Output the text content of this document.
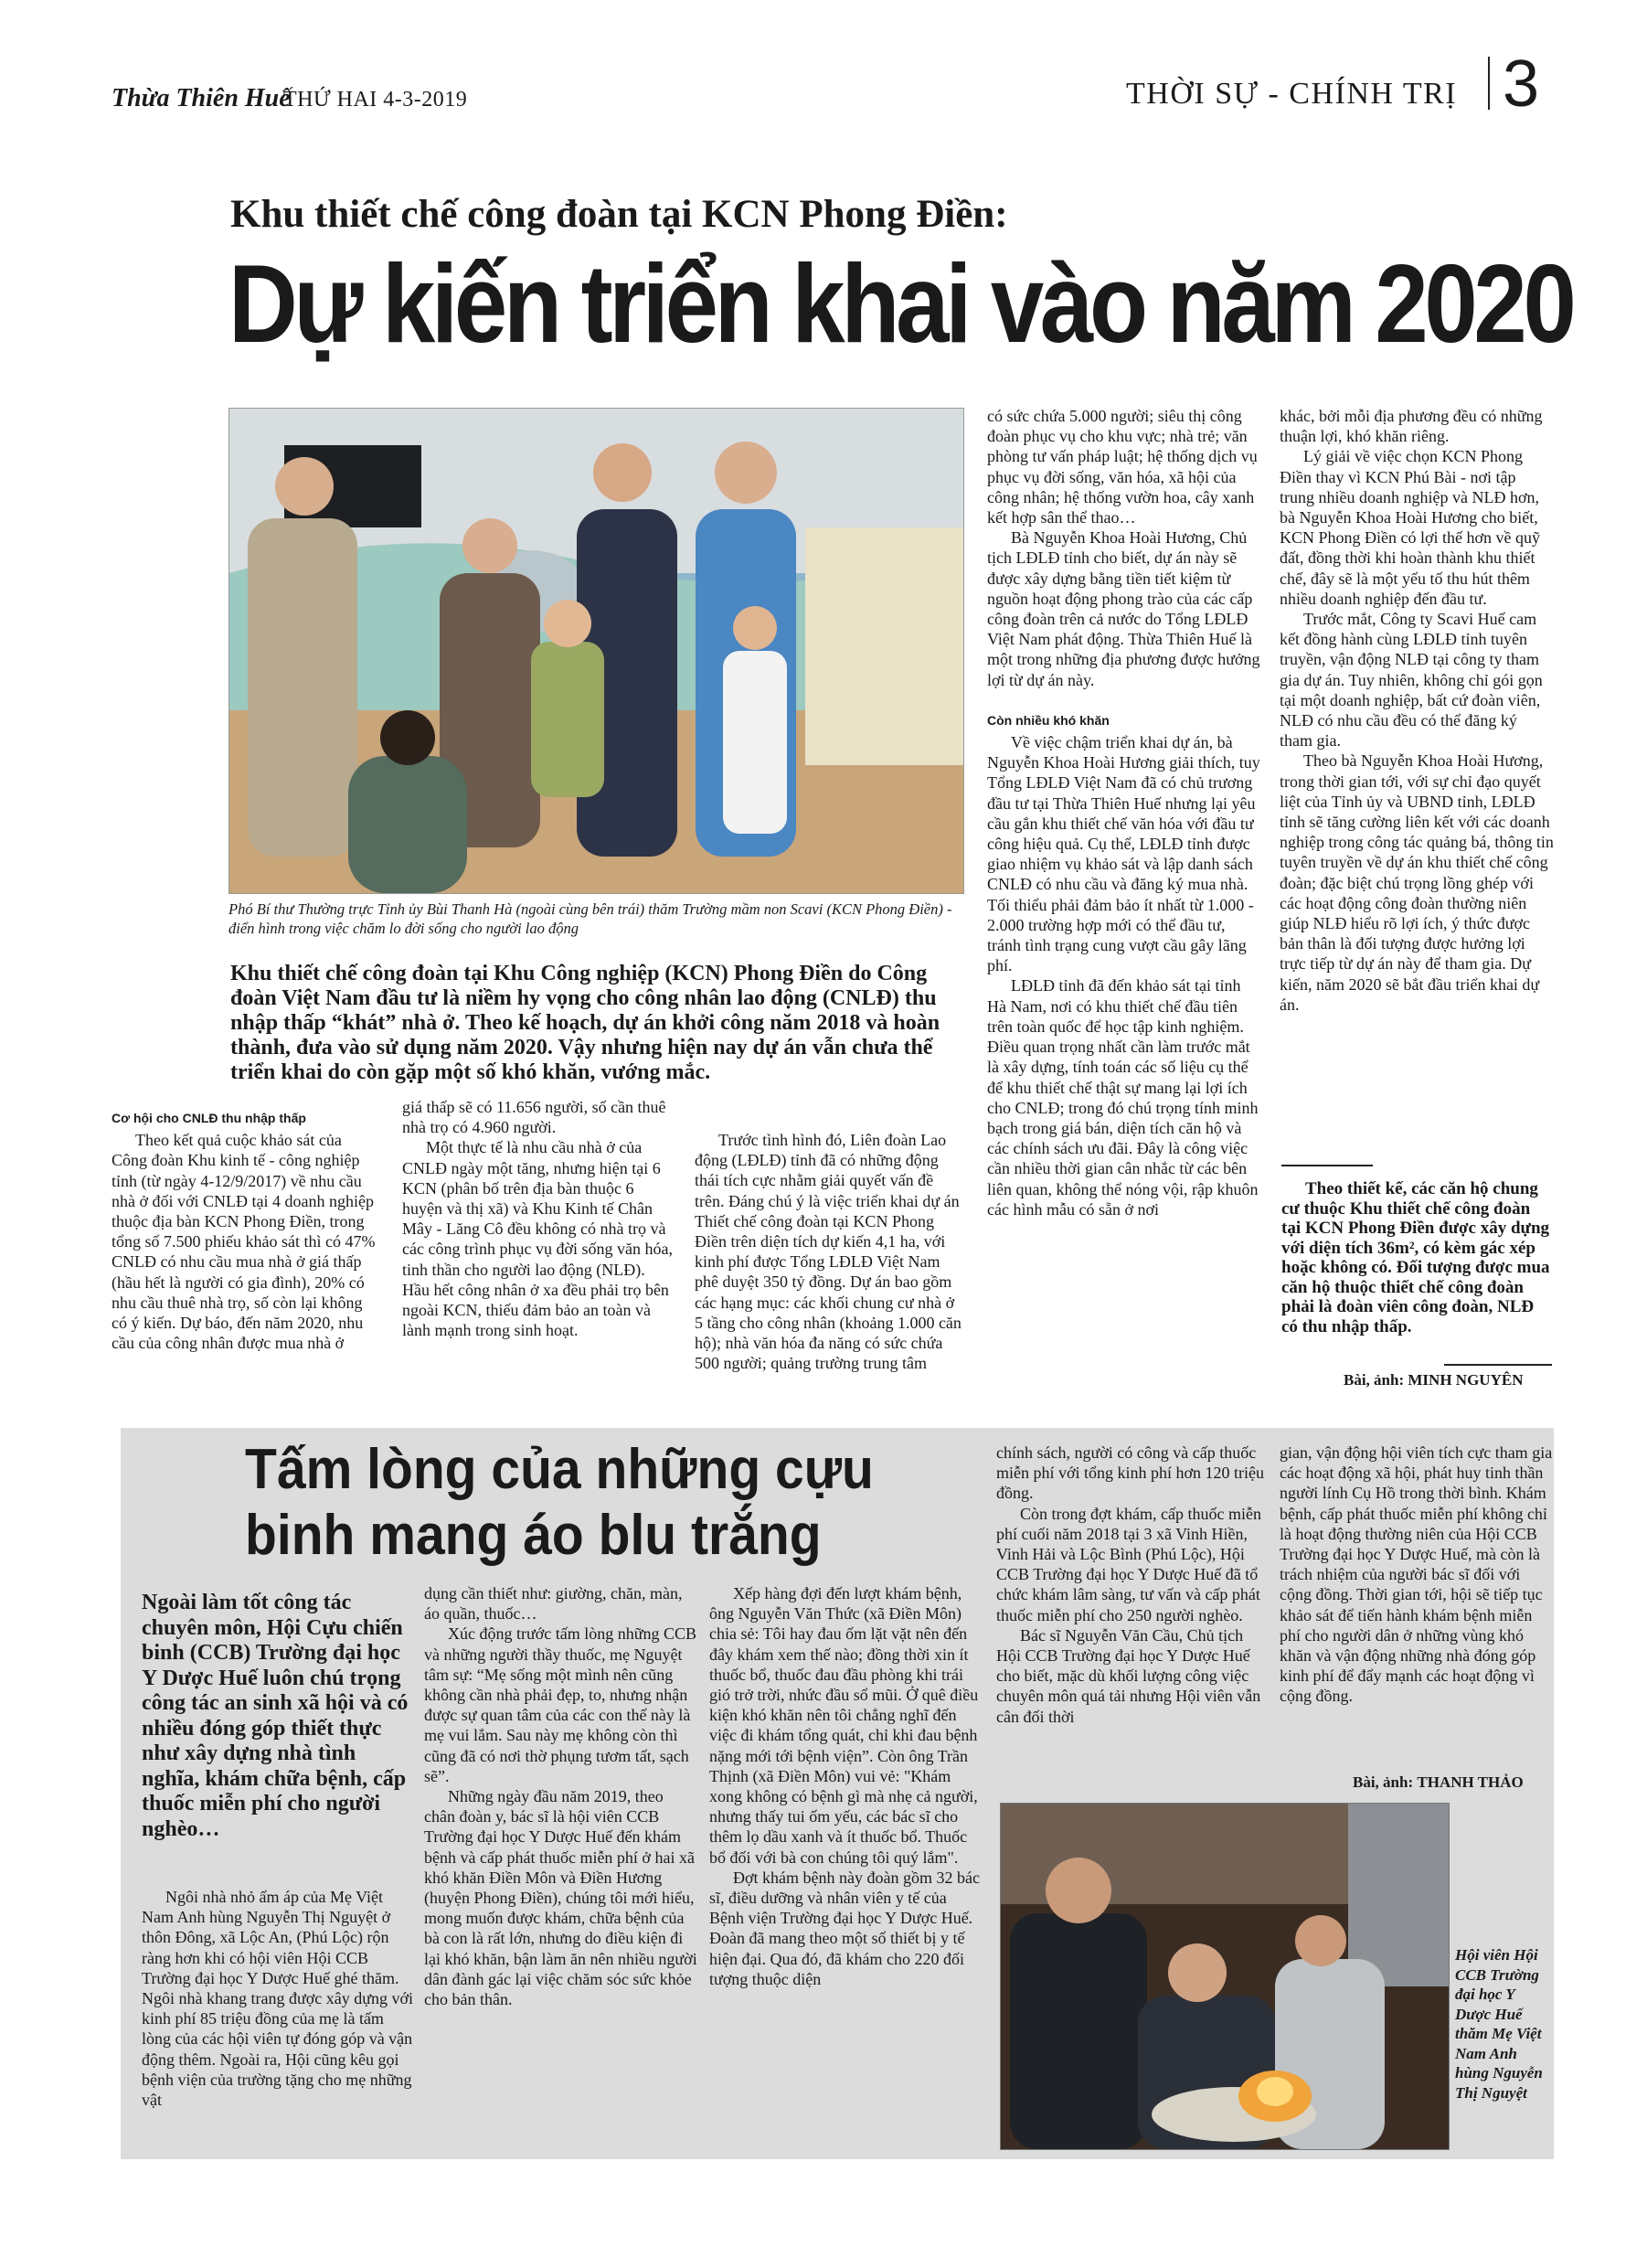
Thừa Thiên Huế
THỨ HAI 4-3-2019	THỜI SỰ - CHÍNH TRỊ 3
Khu thiết chế công đoàn tại KCN Phong Điền:
Dự kiến triển khai vào năm 2020
Phó Bí thư Thường trực Tỉnh ủy Bùi Thanh Hà (ngoài cùng bên trái) thăm Trường mầm non Scavi (KCN Phong Điền) - điển hình trong việc chăm lo đời sống cho người lao động
Khu thiết chế công đoàn tại Khu Công nghiệp (KCN) Phong Điền do Công đoàn Việt Nam đầu tư là niềm hy vọng cho công nhân lao động (CNLĐ) thu nhập thấp “khát” nhà ở. Theo kế hoạch, dự án khởi công năm 2018 và hoàn thành, đưa vào sử dụng năm 2020. Vậy nhưng hiện nay dự án vẫn chưa thể triển khai do còn gặp một số khó khăn, vướng mắc.

Cơ hội cho CNLĐ thu nhập thấp

Theo kết quả cuộc khảo sát của Công đoàn Khu kinh tế - công nghiệp tỉnh (từ ngày 4-12/9/2017) về nhu cầu nhà ở đối với CNLĐ tại 4 doanh nghiệp thuộc địa bàn KCN Phong Điền, trong tổng số 7.500 phiếu khảo sát thì có 47% CNLĐ có nhu cầu mua nhà ở giá thấp (hầu hết là người có gia đình), 20% có nhu cầu thuê nhà trọ, số còn lại không có ý kiến. Dự báo, đến năm 2020, nhu cầu của công nhân được mua nhà ở

giá thấp sẽ có 11.656 người, số cần thuê nhà trọ có 4.960 người.

Một thực tế là nhu cầu nhà ở của CNLĐ ngày một tăng, nhưng hiện tại 6 KCN (phân bố trên địa bàn thuộc 6 huyện và thị xã) và Khu Kinh tế Chân Mây - Lăng Cô đều không có nhà trọ và các công trình phục vụ đời sống văn hóa, tinh thần cho người lao động (NLĐ). Hầu hết công nhân ở xa đều phải trọ bên ngoài KCN, thiếu đảm bảo an toàn và lành mạnh trong sinh hoạt.

Trước tình hình đó, Liên đoàn Lao động (LĐLĐ) tỉnh đã có những động thái tích cực nhằm giải quyết vấn đề trên. Đáng chú ý là việc triển khai dự án Thiết chế công đoàn tại KCN Phong Điền trên diện tích dự kiến 4,1 ha, với kinh phí được Tổng LĐLĐ Việt Nam phê duyệt 350 tỷ đồng. Dự án bao gồm các hạng mục: các khối chung cư nhà ở 5 tầng cho công nhân (khoảng 1.000 căn hộ); nhà văn hóa đa năng có sức chứa 500 người; quảng trường trung tâm

có sức chứa 5.000 người; siêu thị công đoàn phục vụ cho khu vực; nhà trẻ; văn phòng tư vấn pháp luật; hệ thống dịch vụ phục vụ đời sống, văn hóa, xã hội của công nhân; hệ thống vườn hoa, cây xanh kết hợp sân thể thao…

Bà Nguyễn Khoa Hoài Hương, Chủ tịch LĐLĐ tỉnh cho biết, dự án này sẽ được xây dựng bằng tiền tiết kiệm từ nguồn hoạt động phong trào của các cấp công đoàn trên cả nước do Tổng LĐLĐ Việt Nam phát động. Thừa Thiên Huế là một trong những địa phương được hưởng lợi từ dự án này.

Còn nhiều khó khăn

Về việc chậm triển khai dự án, bà Nguyễn Khoa Hoài Hương giải thích, tuy Tổng LĐLĐ Việt Nam đã có chủ trương đầu tư tại Thừa Thiên Huế nhưng lại yêu cầu gắn khu thiết chế văn hóa với đầu tư công hiệu quả. Cụ thể, LĐLĐ tỉnh được giao nhiệm vụ khảo sát và lập danh sách CNLĐ có nhu cầu và đăng ký mua nhà. Tối thiểu phải đảm bảo ít nhất từ 1.000 - 2.000 trường hợp mới có thể đầu tư, tránh tình trạng cung vượt cầu gây lãng phí.

LĐLĐ tỉnh đã đến khảo sát tại tỉnh Hà Nam, nơi có khu thiết chế đầu tiên trên toàn quốc để học tập kinh nghiệm. Điều quan trọng nhất cần làm trước mắt là xây dựng, tính toán các số liệu cụ thể để khu thiết chế thật sự mang lại lợi ích cho CNLĐ; trong đó chú trọng tính minh bạch trong giá bán, diện tích căn hộ và các chính sách ưu đãi. Đây là công việc cần nhiều thời gian cân nhắc từ các bên liên quan, không thể nóng vội, rập khuôn các hình mẫu có sẵn ở nơi

khác, bởi mỗi địa phương đều có những thuận lợi, khó khăn riêng.

Lý giải về việc chọn KCN Phong Điền thay vì KCN Phú Bài - nơi tập trung nhiều doanh nghiệp và NLĐ hơn, bà Nguyễn Khoa Hoài Hương cho biết, KCN Phong Điền có lợi thế hơn về quỹ đất, đồng thời khi hoàn thành khu thiết chế, đây sẽ là một yếu tố thu hút thêm nhiều doanh nghiệp đến đầu tư.

Trước mắt, Công ty Scavi Huế cam kết đồng hành cùng LĐLĐ tỉnh tuyên truyền, vận động NLĐ tại công ty tham gia dự án. Tuy nhiên, không chỉ gói gọn tại một doanh nghiệp, bất cứ đoàn viên, NLĐ có nhu cầu đều có thể đăng ký tham gia.

Theo bà Nguyễn Khoa Hoài Hương, trong thời gian tới, với sự chỉ đạo quyết liệt của Tỉnh ủy và UBND tỉnh, LĐLĐ tỉnh sẽ tăng cường liên kết với các doanh nghiệp trong công tác quảng bá, thông tin tuyên truyền về dự án khu thiết chế công đoàn; đặc biệt chú trọng lồng ghép với các hoạt động công đoàn thường niên giúp NLĐ hiểu rõ lợi ích, ý thức được bản thân là đối tượng được hưởng lợi trực tiếp từ dự án này để tham gia. Dự kiến, năm 2020 sẽ bắt đầu triển khai dự án.

Theo thiết kế, các căn hộ chung cư thuộc Khu thiết chế công đoàn tại KCN Phong Điền được xây dựng với diện tích 36m², có kèm gác xép hoặc không có. Đối tượng được mua căn hộ thuộc thiết chế công đoàn phải là đoàn viên công đoàn, NLĐ có thu nhập thấp.
Bài, ảnh: MINH NGUYÊN
Tấm lòng của những cựu binh mang áo blu trắng
Ngoài làm tốt công tác chuyên môn, Hội Cựu chiến binh (CCB) Trường đại học Y Dược Huế luôn chú trọng công tác an sinh xã hội và có nhiều đóng góp thiết thực như xây dựng nhà tình nghĩa, khám chữa bệnh, cấp thuốc miễn phí cho người nghèo…

Ngôi nhà nhỏ ấm áp của Mẹ Việt Nam Anh hùng Nguyễn Thị Nguyệt ở thôn Đông, xã Lộc An, (Phú Lộc) rộn ràng hơn khi có hội viên Hội CCB Trường đại học Y Dược Huế ghé thăm. Ngôi nhà khang trang được xây dựng với kinh phí 85 triệu đồng của mẹ là tấm lòng của các hội viên tự đóng góp và vận động thêm. Ngoài ra, Hội cũng kêu gọi bệnh viện của trường tặng cho mẹ những vật

dụng cần thiết như: giường, chăn, màn, áo quần, thuốc…

Xúc động trước tấm lòng những CCB và những người thầy thuốc, mẹ Nguyệt tâm sự: “Mẹ sống một mình nên cũng không cần nhà phải đẹp, to, nhưng nhận được sự quan tâm của các con thế này là mẹ vui lắm. Sau này mẹ không còn thì cũng đã có nơi thờ phụng tươm tất, sạch sẽ”.

Những ngày đầu năm 2019, theo chân đoàn y, bác sĩ là hội viên CCB Trường đại học Y Dược Huế đến khám bệnh và cấp phát thuốc miễn phí ở hai xã khó khăn Điền Môn và Điền Hương (huyện Phong Điền), chúng tôi mới hiểu, mong muốn được khám, chữa bệnh của bà con là rất lớn, nhưng do điều kiện đi lại khó khăn, bận làm ăn nên nhiều người dân đành gác lại việc chăm sóc sức khỏe cho bản thân.

Xếp hàng đợi đến lượt khám bệnh, ông Nguyễn Văn Thức (xã Điền Môn) chia sẻ: Tôi hay đau ốm lặt vặt nên đến đây khám xem thế nào; đồng thời xin ít thuốc bổ, thuốc đau đầu phòng khi trái gió trở trời, nhức đầu sổ mũi. Ở quê điều kiện khó khăn nên tôi chẳng nghĩ đến việc đi khám tổng quát, chỉ khi đau bệnh nặng mới tới bệnh viện”. Còn ông Trần Thịnh (xã Điền Môn) vui vẻ: "Khám xong không có bệnh gì mà nhẹ cả người, nhưng thấy tui ốm yếu, các bác sĩ cho thêm lọ dầu xanh và ít thuốc bổ. Thuốc bổ đối với bà con chúng tôi quý lắm".

Đợt khám bệnh này đoàn gồm 32 bác sĩ, điều dưỡng và nhân viên y tế của Bệnh viện Trường đại học Y Dược Huế. Đoàn đã mang theo một số thiết bị y tế hiện đại. Qua đó, đã khám cho 220 đối tượng thuộc diện

chính sách, người có công và cấp thuốc miễn phí với tổng kinh phí hơn 120 triệu đồng.

Còn trong đợt khám, cấp thuốc miễn phí cuối năm 2018 tại 3 xã Vinh Hiền, Vinh Hải và Lộc Bình (Phú Lộc), Hội CCB Trường đại học Y Dược Huế đã tổ chức khám lâm sàng, tư vấn và cấp phát thuốc miễn phí cho 250 người nghèo.

Bác sĩ Nguyễn Văn Cầu, Chủ tịch Hội CCB Trường đại học Y Dược Huế cho biết, mặc dù khối lượng công việc chuyên môn quá tải nhưng Hội viên vẫn cân đối thời

gian, vận động hội viên tích cực tham gia các hoạt động xã hội, phát huy tinh thần người lính Cụ Hồ trong thời bình. Khám bệnh, cấp phát thuốc miễn phí không chỉ là hoạt động thường niên của Hội CCB Trường đại học Y Dược Huế, mà còn là trách nhiệm của người bác sĩ đối với cộng đồng. Thời gian tới, hội sẽ tiếp tục khảo sát để tiến hành khám bệnh miễn phí cho người dân ở những vùng khó khăn và vận động những nhà đóng góp kinh phí để đẩy mạnh các hoạt động vì cộng đồng.

Bài, ảnh: THANH THẢO
Hội viên Hội CCB Trường đại học Y Dược Huế thăm Mẹ Việt Nam Anh hùng Nguyễn Thị Nguyệt
